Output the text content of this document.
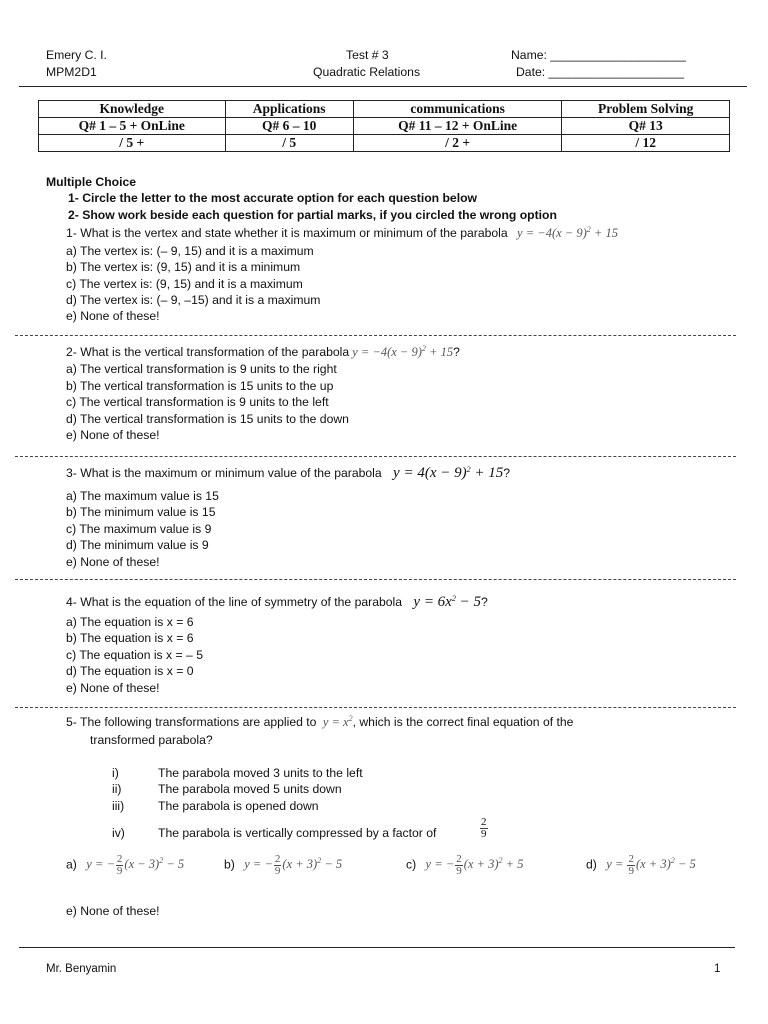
Emery C. I.
MPM2D1
Test # 3
Quadratic Relations
Name: ____________________
Date: ____________________
Knowledge	Applications	communications	Problem Solving
Q# 1 – 5 + OnLine	Q# 6 – 10	Q# 11 – 12 + OnLine	Q# 13
/ 5 +	/ 5	/ 2 +	/ 12
Multiple Choice
1- Circle the letter to the most accurate option for each question below
2- Show work beside each question for partial marks, if you circled the wrong option
1- What is the vertex and state whether it is maximum or minimum of the parabola $y = -4(x - 9)^2 + 15$
a) The vertex is: (– 9, 15) and it is a maximum
b) The vertex is: (9, 15) and it is a minimum
c) The vertex is: (9, 15) and it is a maximum
d) The vertex is: (– 9, –15) and it is a maximum
e) None of these!
2- What is the vertical transformation of the parabola $y = -4(x - 9)^2 + 15$?
a) The vertical transformation is 9 units to the right
b) The vertical transformation is 15 units to the up
c) The vertical transformation is 9 units to the left
d) The vertical transformation is 15 units to the down
e) None of these!
3- What is the maximum or minimum value of the parabola $y = 4(x - 9)^2 + 15$?
a) The maximum value is 15
b) The minimum value is 15
c) The maximum value is 9
d) The minimum value is 9
e) None of these!
4- What is the equation of the line of symmetry of the parabola $y = 6x^2 - 5$?
a) The equation is x = 6
b) The equation is x = 6
c) The equation is x = – 5
d) The equation is x = 0
e) None of these!
5- The following transformations are applied to $y = x^2$, which is the correct final equation of the
transformed parabola?
i)	The parabola moved 3 units to the left
ii)	The parabola moved 5 units down
iii)	The parabola is opened down
iv)	The parabola is vertically compressed by a factor of	$\frac{2}{9}$
a) y = − $\frac{2}{9} (x - 3)^2 - 5$	b) y = − $\frac{2}{9} (x + 3)^2 - 5$	c) y = − $\frac{2}{9} (x + 3)^2 + 5$	d) $y = \frac{2}{9} (x + 3)^2 - 5$
e) None of these!
Mr. Benyamin	1
